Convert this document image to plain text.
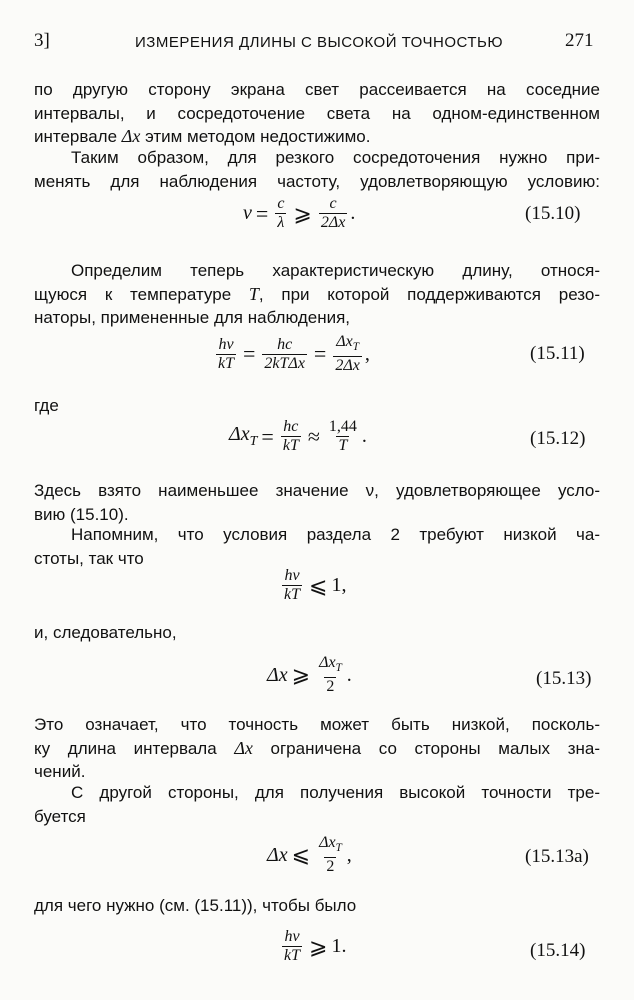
3]	ИЗМЕРЕНИЯ ДЛИНЫ С ВЫСОКОЙ ТОЧНОСТЬЮ	271
по другую сторону экрана свет рассеивается на соседние
интервалы, и сосредоточение света на одном-единственном
интервале Δx этим методом недостижимо.
Таким образом, для резкого сосредоточения нужно при-
менять для наблюдения частоту, удовлетворяющую условию:
$\nu = \frac{c}{\lambda}$ ⩾ $\frac{c}{2\Delta x}$ .	(15.10)
Определим теперь характеристическую длину, относя-
щуюся к температуре T, при которой поддерживаются резо-
наторы, примененные для наблюдения,
$\frac{h\nu}{kT} = \frac{hc}{\text{2kTΔx}} = \frac{\Delta x_T}{2\Delta x}$ ,	(15.11)
где
$\Delta x_T = \frac{hc}{kT} \approx \frac{1,44}{T}$ .	(15.12)
Здесь взято наименьшее значение ν, удовлетворяющее усло-
вию (15.10).
Напомним, что условия раздела 2 требуют низкой ча-
стоты, так что
$\frac{h\nu}{kT}$ ⩽ 1,
и, следовательно,
Δx ⩾ $\frac{\Delta x_T}{2}$ .	(15.13)
Это означает, что точность может быть низкой, посколь-
ку длина интервала Δx ограничена со стороны малых зна-
чений.
С другой стороны, для получения высокой точности тре-
буется
Δx ⩽ $\frac{\Delta x_T}{2}$ ,	(15.13a)
для чего нужно (см. (15.11)), чтобы было
$\frac{h\nu}{kT}$ ⩾ 1.	(15.14)
